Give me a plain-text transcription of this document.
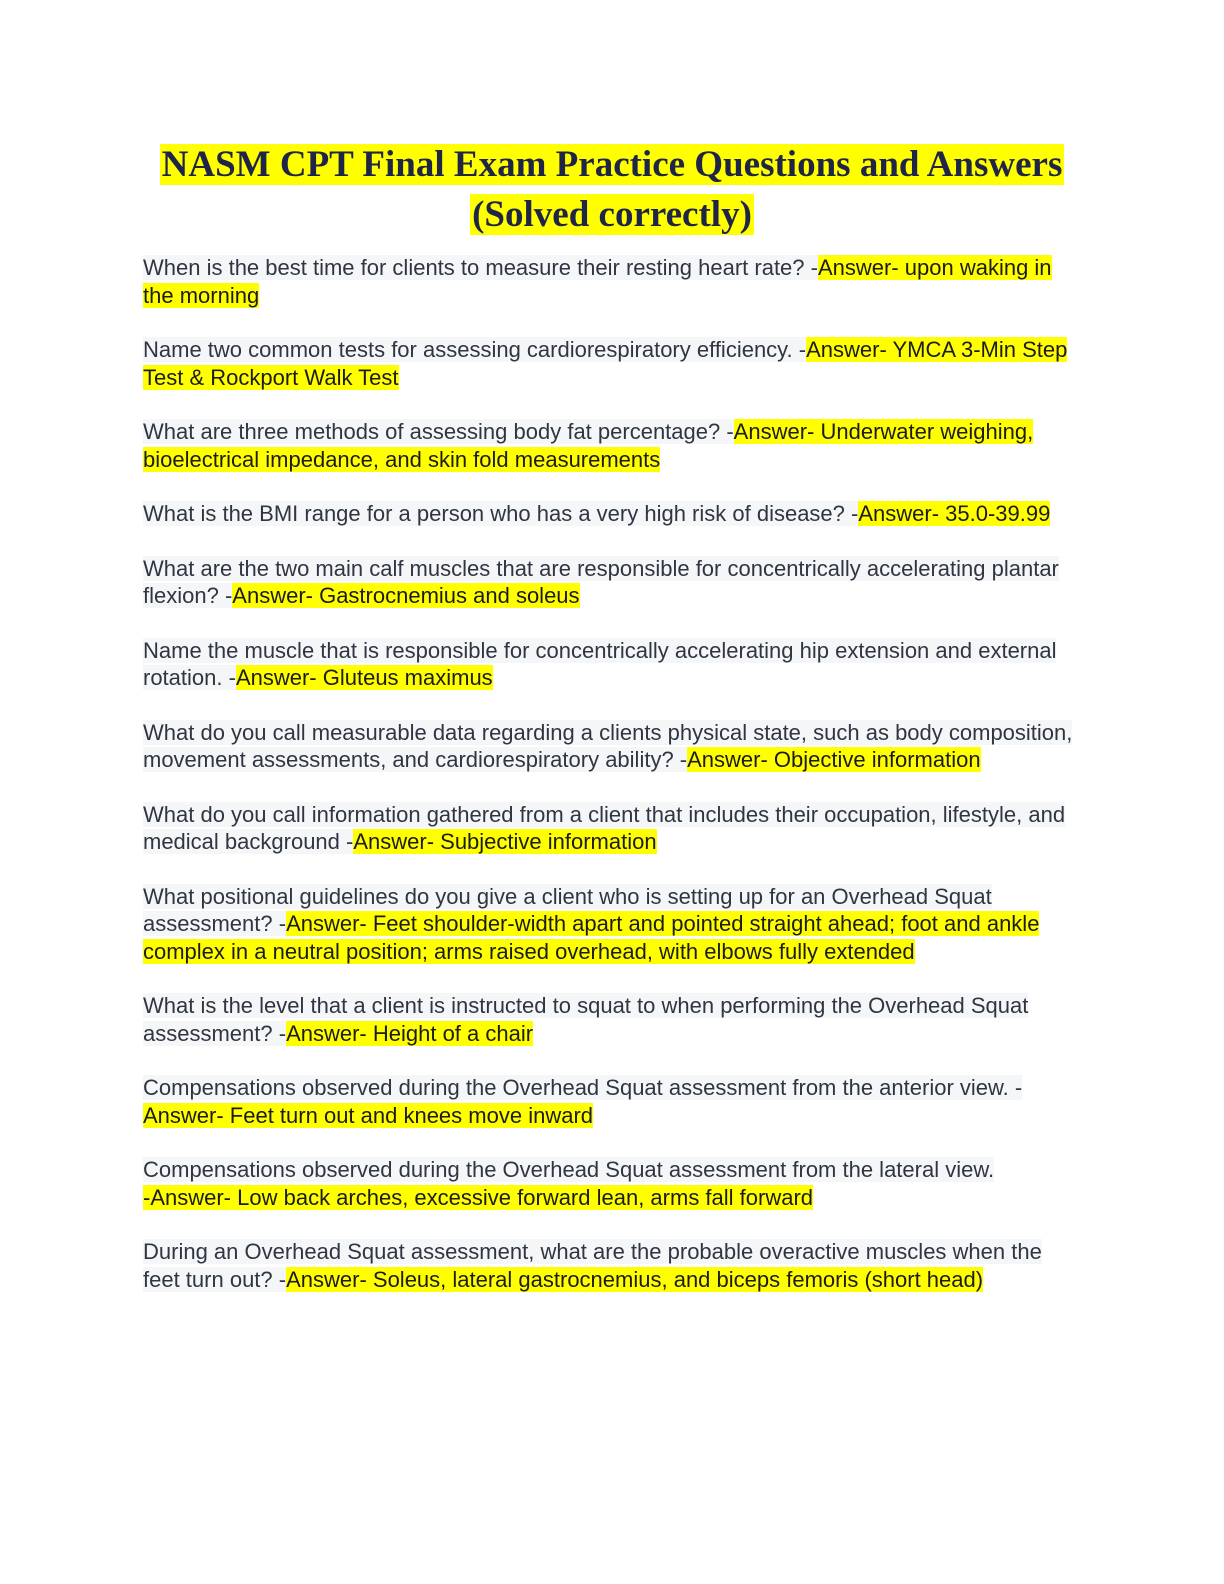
NASM CPT Final Exam Practice Questions and Answers
(Solved correctly)

When is the best time for clients to measure their resting heart rate? -Answer- upon waking in the morning

Name two common tests for assessing cardiorespiratory efficiency. -Answer- YMCA 3-Min Step Test & Rockport Walk Test

What are three methods of assessing body fat percentage? -Answer- Underwater weighing, bioelectrical impedance, and skin fold measurements

What is the BMI range for a person who has a very high risk of disease? -Answer- 35.0-39.99

What are the two main calf muscles that are responsible for concentrically accelerating plantar flexion? -Answer- Gastrocnemius and soleus

Name the muscle that is responsible for concentrically accelerating hip extension and external rotation. -Answer- Gluteus maximus

What do you call measurable data regarding a clients physical state, such as body composition, movement assessments, and cardiorespiratory ability? -Answer- Objective information

What do you call information gathered from a client that includes their occupation, lifestyle, and medical background -Answer- Subjective information

What positional guidelines do you give a client who is setting up for an Overhead Squat assessment? -Answer- Feet shoulder-width apart and pointed straight ahead; foot and ankle complex in a neutral position; arms raised overhead, with elbows fully extended

What is the level that a client is instructed to squat to when performing the Overhead Squat assessment? -Answer- Height of a chair

Compensations observed during the Overhead Squat assessment from the anterior view. -Answer- Feet turn out and knees move inward

Compensations observed during the Overhead Squat assessment from the lateral view.
-Answer- Low back arches, excessive forward lean, arms fall forward

During an Overhead Squat assessment, what are the probable overactive muscles when the feet turn out? -Answer- Soleus, lateral gastrocnemius, and biceps femoris (short head)
